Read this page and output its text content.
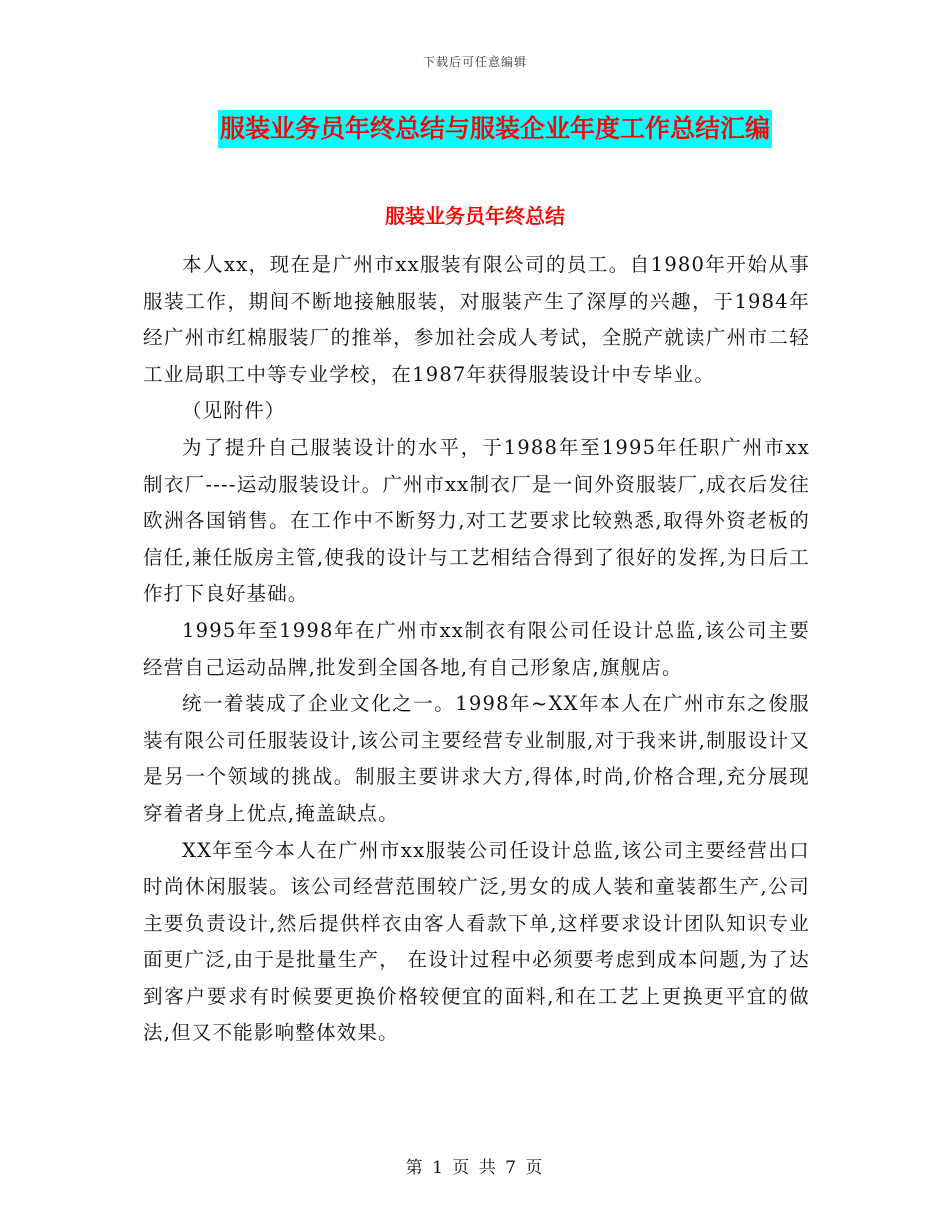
下载后可任意编辑
服装业务员年终总结与服装企业年度工作总结汇编
服装业务员年终总结

本人xx，现在是广州市xx服装有限公司的员工。自1980年开始从事服装工作，期间不断地接触服装，对服装产生了深厚的兴趣，于1984年经广州市红棉服装厂的推举，参加社会成人考试，全脱产就读广州市二轻工业局职工中等专业学校，在1987年获得服装设计中专毕业。

（见附件）

为了提升自己服装设计的水平，于1988年至1995年任职广州市xx制衣厂----运动服装设计。广州市xx制衣厂是一间外资服装厂,成衣后发往欧洲各国销售。在工作中不断努力,对工艺要求比较熟悉,取得外资老板的信任,兼任版房主管,使我的设计与工艺相结合得到了很好的发挥,为日后工作打下良好基础。

1995年至1998年在广州市xx制衣有限公司任设计总监,该公司主要经营自己运动品牌,批发到全国各地,有自己形象店,旗舰店。

统一着装成了企业文化之一。1998年~XX年本人在广州市东之俊服装有限公司任服装设计,该公司主要经营专业制服,对于我来讲,制服设计又是另一个领域的挑战。制服主要讲求大方,得体,时尚,价格合理,充分展现穿着者身上优点,掩盖缺点。

XX年至今本人在广州市xx服装公司任设计总监,该公司主要经营出口时尚休闲服装。该公司经营范围较广泛,男女的成人装和童装都生产,公司主要负责设计,然后提供样衣由客人看款下单,这样要求设计团队知识专业面更广泛,由于是批量生产， 在设计过程中必须要考虑到成本问题,为了达到客户要求有时候要更换价格较便宜的面料,和在工艺上更换更平宜的做法,但又不能影响整体效果。

第 1 页 共 7 页
